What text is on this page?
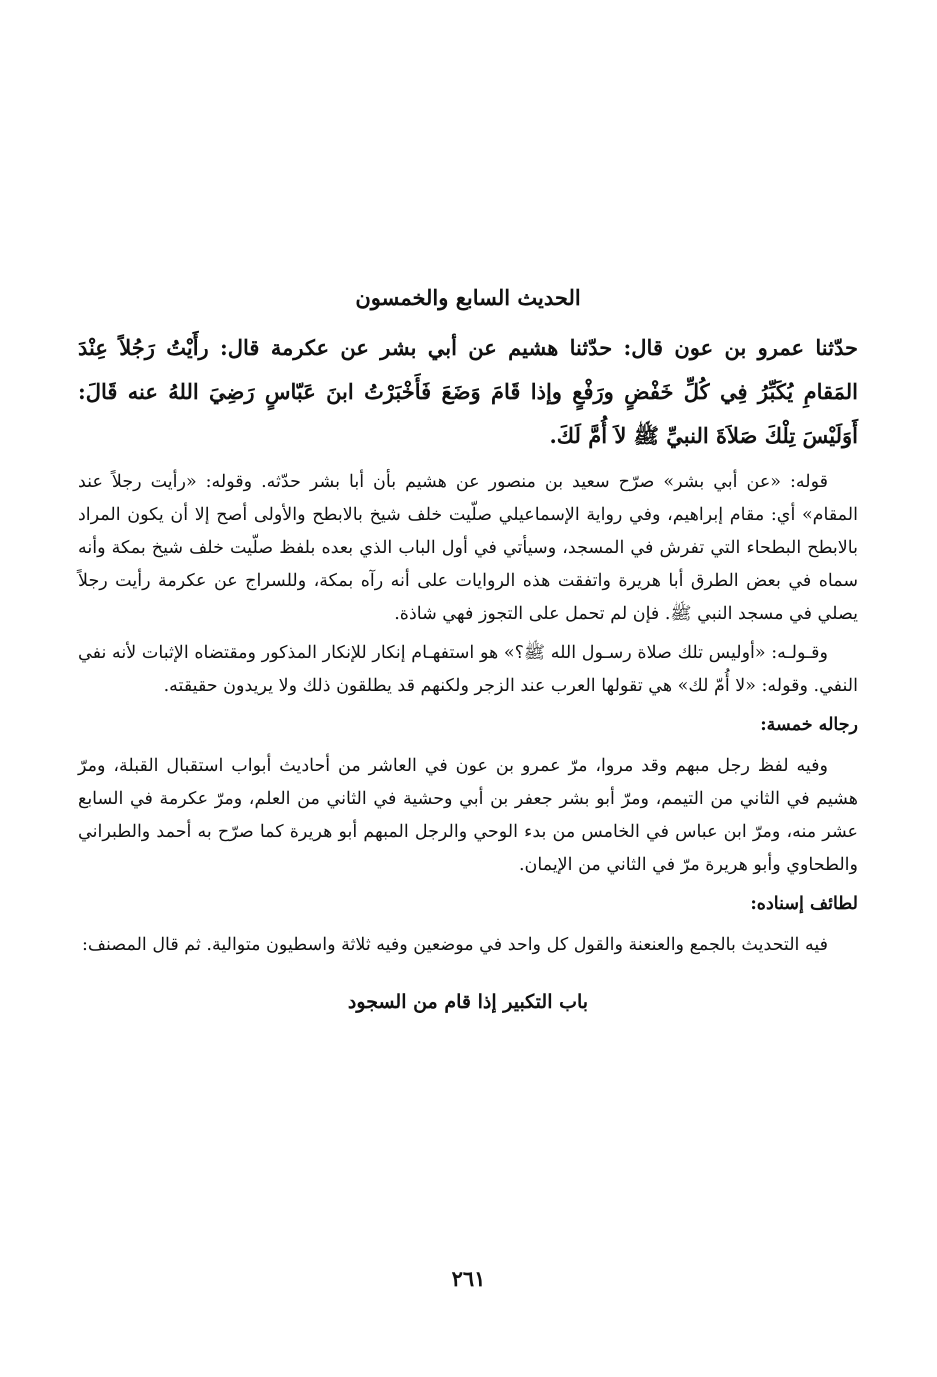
الحديث السابع والخمسون

حدّثنا عمرو بن عون قال: حدّثنا هشيم عن أبي بشر عن عكرمة قال: رأَيْتُ رَجُلاً عِنْدَ المَقامِ يُكَبِّرُ فِي كُلِّ خَفْضٍ ورَفْعٍ وإذا قَامَ وَضَعَ فَأَخْبَرْتُ ابنَ عَبّاسٍ رَضِيَ اللهُ عنه قَالَ: أَوَلَيْسَ تِلْكَ صَلاَةَ النبيِّ ﷺ لاَ أُمَّ لَكَ.

قوله: «عن أبي بشر» صرّح سعيد بن منصور عن هشيم بأن أبا بشر حدّثه. وقوله: «رأيت رجلاً عند المقام» أي: مقام إبراهيم، وفي رواية الإسماعيلي صلّيت خلف شيخ بالابطح والأولى أصح إلا أن يكون المراد بالابطح البطحاء التي تفرش في المسجد، وسيأتي في أول الباب الذي بعده بلفظ صلّيت خلف شيخ بمكة وأنه سماه في بعض الطرق أبا هريرة واتفقت هذه الروايات على أنه رآه بمكة، وللسراج عن عكرمة رأيت رجلاً يصلي في مسجد النبي ﷺ. فإن لم تحمل على التجوز فهي شاذة.

وقـولـه: «أوليس تلك صلاة رسـول الله ﷺ؟» هو استفهـام إنكار للإنكار المذكور ومقتضاه الإثبات لأنه نفي النفي. وقوله: «لا أُمّ لك» هي تقولها العرب عند الزجر ولكنهم قد يطلقون ذلك ولا يريدون حقيقته.

رجاله خمسة:

وفيه لفظ رجل مبهم وقد مروا، مرّ عمرو بن عون في العاشر من أحاديث أبواب استقبال القبلة، ومرّ هشيم في الثاني من التيمم، ومرّ أبو بشر جعفر بن أبي وحشية في الثاني من العلم، ومرّ عكرمة في السابع عشر منه، ومرّ ابن عباس في الخامس من بدء الوحي والرجل المبهم أبو هريرة كما صرّح به أحمد والطبراني والطحاوي وأبو هريرة مرّ في الثاني من الإيمان.

لطائف إسناده:

فيه التحديث بالجمع والعنعنة والقول كل واحد في موضعين وفيه ثلاثة واسطيون متوالية. ثم قال المصنف:

باب التكبير إذا قام من السجود
٢٦١
